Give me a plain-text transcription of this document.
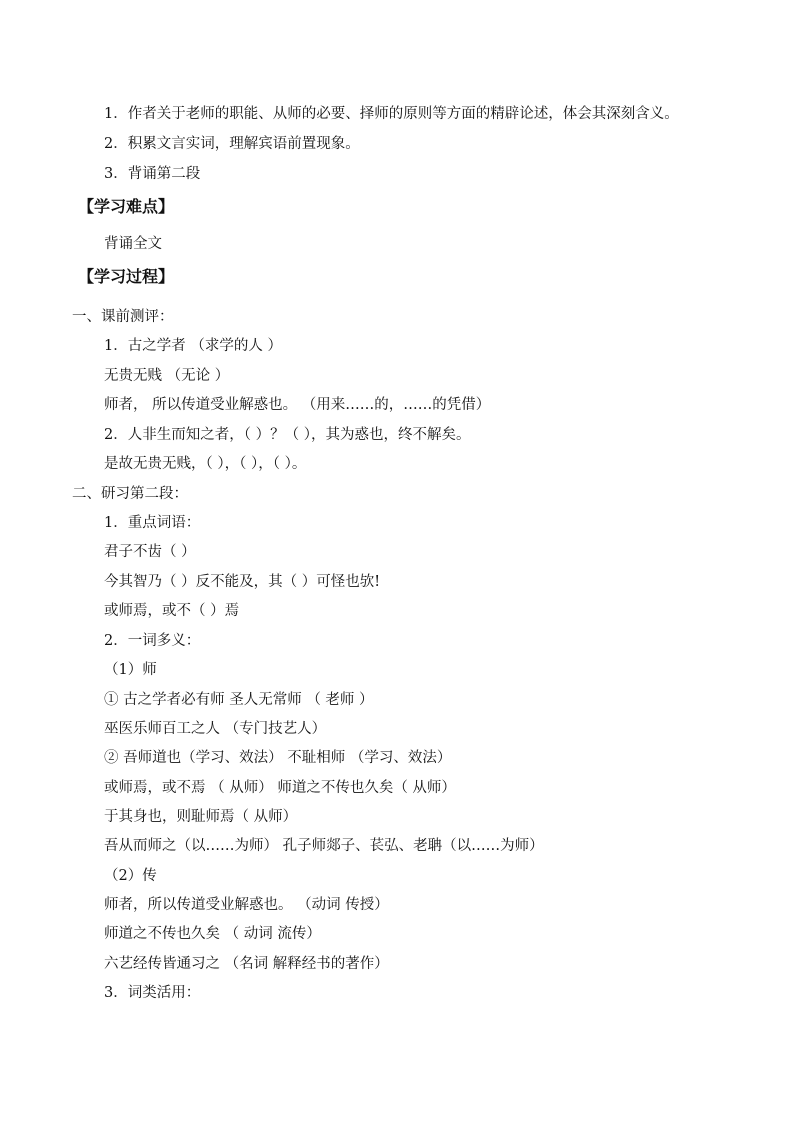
1．作者关于老师的职能、从师的必要、择师的原则等方面的精辟论述，体会其深刻含义。
2．积累文言实词，理解宾语前置现象。
3．背诵第二段
【学习难点】
背诵全文
【学习过程】
一、课前测评：
1．古之学者 （求学的人 ）
无贵无贱 （无论 ）
师者， 所以传道受业解惑也。 （用来……的，……的凭借）
2．人非生而知之者，（ ）？（ ），其为惑也，终不解矣。
是故无贵无贱，（ ），（ ），（ ）。
二、研习第二段：
1．重点词语：
君子不齿（ ）
今其智乃（ ）反不能及，其（ ）可怪也欤!
或师焉，或不（ ）焉
2．一词多义：
（1）师
① 古之学者必有师 圣人无常师 （ 老师 ）
巫医乐师百工之人 （专门技艺人）
② 吾师道也（学习、效法） 不耻相师 （学习、效法）
或师焉，或不焉 （ 从师） 师道之不传也久矣（ 从师）
于其身也，则耻师焉（ 从师）
吾从而师之（以……为师） 孔子师郯子、苌弘、老聃（以……为师）
（2）传
师者，所以传道受业解惑也。 （动词 传授）
师道之不传也久矣 （ 动词 流传）
六艺经传皆通习之 （名词 解释经书的著作）
3．词类活用：
